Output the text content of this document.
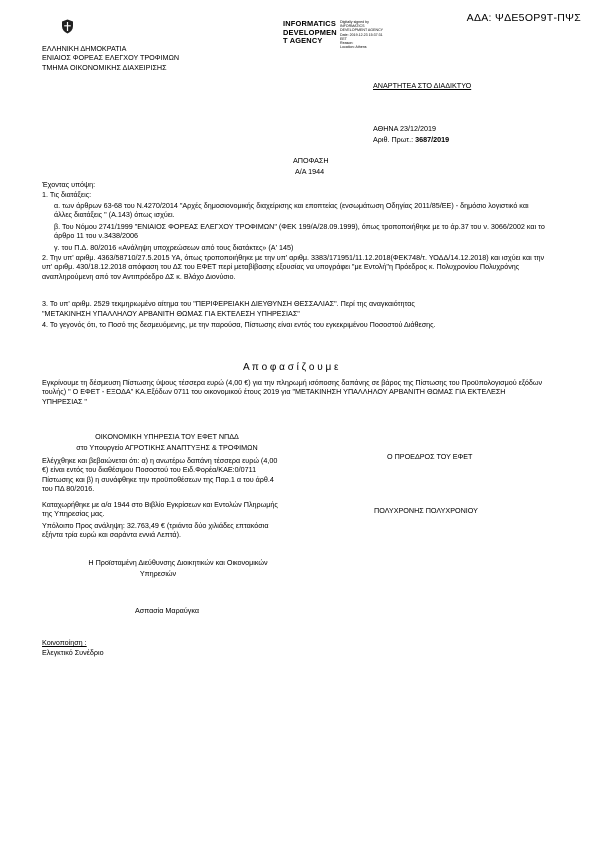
ΑΔΑ: ΨΔΕ5ΟΡ9Τ-ΠΨΣ
ΕΛΛΗΝΙΚΗ ΔΗΜΟΚΡΑΤΙΑ
ΕΝΙΑΙΟΣ ΦΟΡΕΑΣ ΕΛΕΓΧΟΥ ΤΡΟΦΙΜΩΝ
ΤΜΗΜΑ ΟΙΚΟΝΟΜΙΚΗΣ ΔΙΑΧΕΙΡΙΣΗΣ
INFORMATICS
DEVELOPMEN
T AGENCY
Digitally signed by
INFORMATICS
DEVELOPMENT AGENCY
Date: 2019.12.23 15:37:31
EET
Reason:
Location: Athens
ΑΝΑΡΤΗΤΕΑ ΣΤΟ ΔΙΑΔΙΚΤΥΟ
ΑΘΗΝΑ 23/12/2019
Αριθ. Πρωτ.: 3687/2019
ΑΠΟΦΑΣΗ
Α/Α 1944
Έχοντας υπόψη:
1. Τις διατάξεις:
α. των άρθρων 63-68 του Ν.4270/2014 "Αρχές δημοσιονομικής διαχείρισης και εποπτείας (ενσωμάτωση Οδηγίας 2011/85/ΕΕ) - δημόσιο λογιστικό και άλλες διατάξεις " (Α.143) όπως ισχύει.
β. Του Νόμου 2741/1999 "ΕΝΙΑΙΟΣ ΦΟΡΕΑΣ ΕΛΕΓΧΟΥ ΤΡΟΦΙΜΩΝ" (ΦΕΚ 199/Α/28.09.1999), όπως τροποποιήθηκε με το άρ.37 του ν. 3066/2002 και το άρθρο 11 του ν.3438/2006
γ. του Π.Δ. 80/2016 «Ανάληψη υποχρεώσεων από τους διατάκτες» (Α' 145)
2. Την υπ' αριθμ. 4363/58710/27.5.2015 ΥΑ, όπως τροποποιήθηκε με την υπ' αριθμ. 3383/171951/11.12.2018(ΦΕΚ748/τ. ΥΟΔΔ/14.12.2018) και ισχύει και την υπ' αριθμ. 430/18.12.2018 απόφαση του ΔΣ του ΕΦΕΤ περί μεταβίβασης εξουσίας να υπογράφει "με Εντολή"η Πρόεδρος κ. Πολυχρονίου Πολυχρόνης αναπληρούμενη από τον Αντιπρόεδρο ΔΣ κ. Βλάχο Διονύσιο.
3. Το υπ' αριθμ. 2529 τεκμηριωμένο αίτημα του "ΠΕΡΙΦΕΡΕΙΑΚΗ ΔΙΕΥΘΥΝΣΗ ΘΕΣΣΑΛΙΑΣ". Περί της αναγκαιότητας
"ΜΕΤΑΚΙΝΗΣΗ ΥΠΑΛΛΗΛΟΥ ΑΡΒΑΝΙΤΗ ΘΩΜΑΣ ΓΙΑ ΕΚΤΕΛΕΣΗ ΥΠΗΡΕΣΙΑΣ"
4. Το γεγονός ότι, το Ποσό της δεσμευόμενης, με την παρούσα, Πίστωσης είναι εντός του εγκεκριμένου Ποσοστού Διάθεσης.
Α π ο φ α σ ί ζ ο υ μ ε
Εγκρίνουμε τη δέσμευση Πίστωσης ύψους τέσσερα ευρώ (4,00 €) για την πληρωμή ισόποσης δαπάνης σε βάρος της Πίστωσης του Προϋπολογισμού εξόδων τουλής) " Ο ΕΦΕΤ - ΕΞΟΔΑ" ΚΑ.Εξόδων 0711 του οικονομικού έτους 2019 για "ΜΕΤΑΚΙΝΗΣΗ ΥΠΑΛΛΗΛΟΥ ΑΡΒΑΝΙΤΗ ΘΩΜΑΣ ΓΙΑ ΕΚΤΕΛΕΣΗ ΥΠΗΡΕΣΙΑΣ "
ΟΙΚΟΝΟΜΙΚΗ ΥΠΗΡΕΣΙΑ ΤΟΥ ΕΦΕΤ ΝΠΔΔ
στο Υπουργείο ΑΓΡΟΤΙΚΗΣ ΑΝΑΠΤΥΞΗΣ & ΤΡΟΦΙΜΩΝ
Ελέγχθηκε και βεβαιώνεται ότι: α) η ανωτέρω δαπάνη τέσσερα ευρώ (4,00 €) είναι εντός του διαθέσιμου Ποσοστού του Ειδ.Φορέα/ΚΑΕ:0/0711 Πίστωσης και β) η συνάφθηκε την προϋποθέσεων της Παρ.1 α του άρθ.4 του ΠΔ 80/2016.
Καταχωρήθηκε με α/α 1944 στο Βιβλίο Εγκρίσεων και Εντολών Πληρωμής της Υπηρεσίας μας.
Υπόλοιπο Προς ανάληψη: 32.763,49 € (τριάντα δύο χιλιάδες επτακόσια εξήντα τρία ευρώ και σαράντα εννιά Λεπτά).
Η Προϊσταμένη Διεύθυνσης Διοικητικών και Οικονομικών
Υπηρεσιών
Ασπασία Μαραύγκα
Ο ΠΡΟΕΔΡΟΣ ΤΟΥ ΕΦΕΤ
ΠΟΛΥΧΡΟΝΗΣ ΠΟΛΥΧΡΟΝΙΟΥ
Κοινοποίηση :
Ελεγκτικό Συνέδριο
